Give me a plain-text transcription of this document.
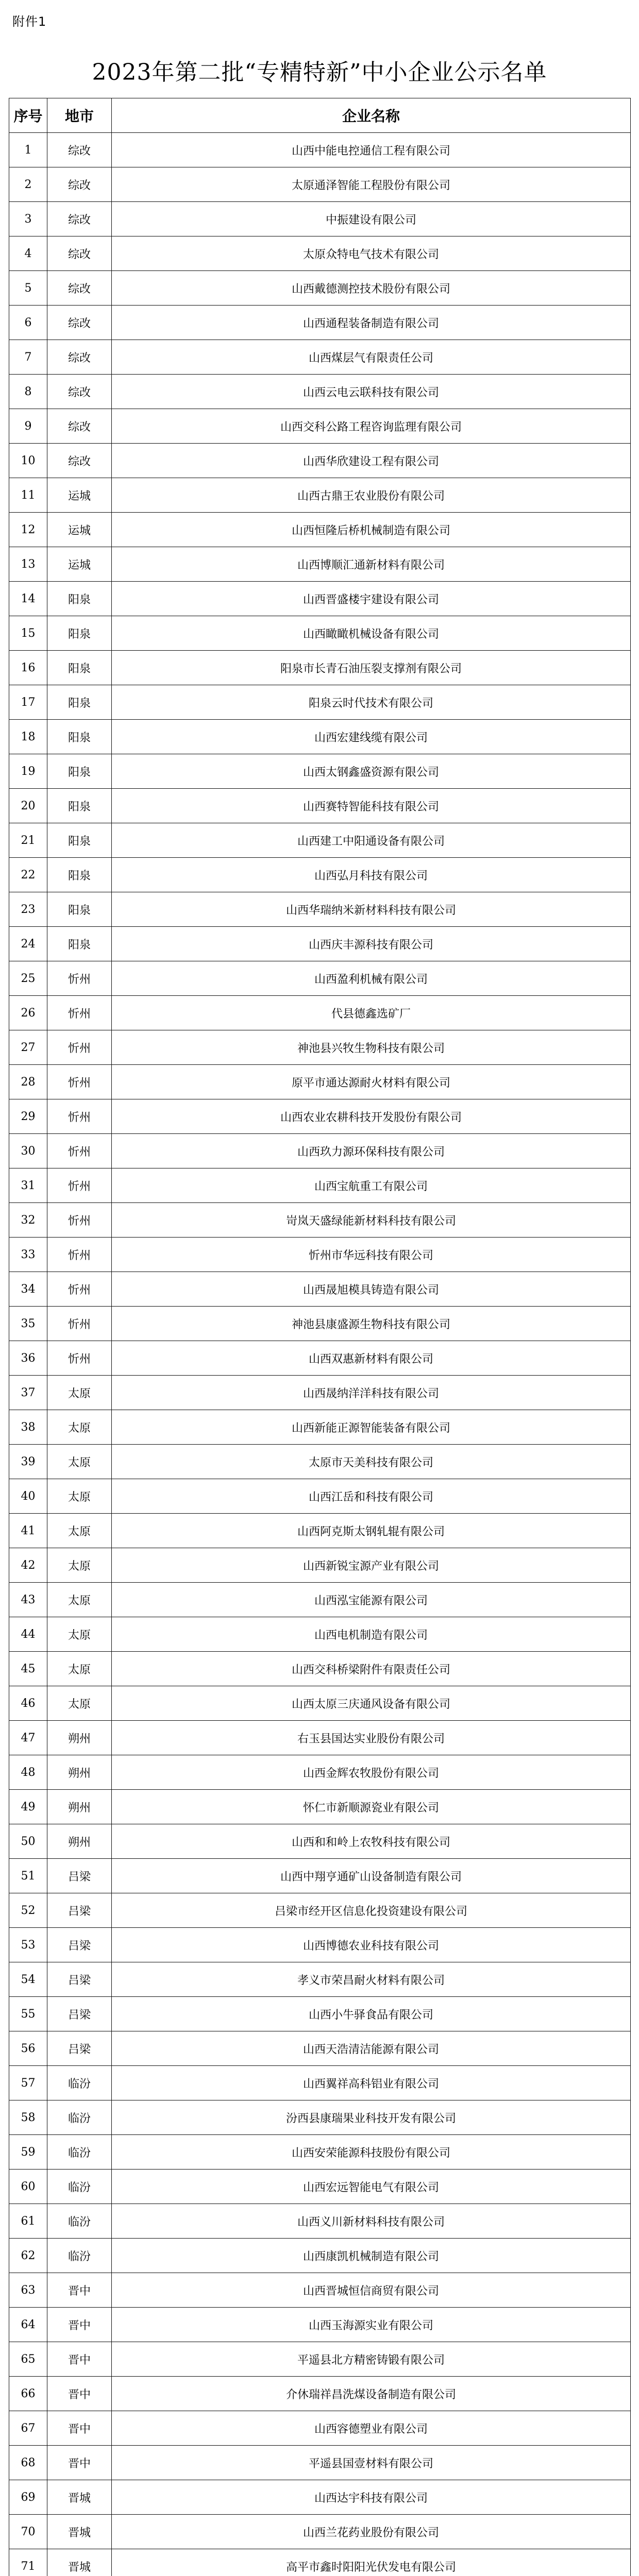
附件1
2023年第二批“专精特新”中小企业公示名单
序号	地市	企业名称
1	综改	山西中能电控通信工程有限公司
2	综改	太原通泽智能工程股份有限公司
3	综改	中振建设有限公司
4	综改	太原众特电气技术有限公司
5	综改	山西戴德测控技术股份有限公司
6	综改	山西通程装备制造有限公司
7	综改	山西煤层气有限责任公司
8	综改	山西云电云联科技有限公司
9	综改	山西交科公路工程咨询监理有限公司
10	综改	山西华欣建设工程有限公司
11	运城	山西古鼎王农业股份有限公司
12	运城	山西恒隆后桥机械制造有限公司
13	运城	山西博顺汇通新材料有限公司
14	阳泉	山西晋盛楼宇建设有限公司
15	阳泉	山西瞰瞰机械设备有限公司
16	阳泉	阳泉市长青石油压裂支撑剂有限公司
17	阳泉	阳泉云时代技术有限公司
18	阳泉	山西宏建线缆有限公司
19	阳泉	山西太钢鑫盛资源有限公司
20	阳泉	山西赛特智能科技有限公司
21	阳泉	山西建工中阳通设备有限公司
22	阳泉	山西弘月科技有限公司
23	阳泉	山西华瑞纳米新材料科技有限公司
24	阳泉	山西庆丰源科技有限公司
25	忻州	山西盈利机械有限公司
26	忻州	代县德鑫选矿厂
27	忻州	神池县兴牧生物科技有限公司
28	忻州	原平市通达源耐火材料有限公司
29	忻州	山西农业农耕科技开发股份有限公司
30	忻州	山西玖力源环保科技有限公司
31	忻州	山西宝航重工有限公司
32	忻州	岢岚天盛绿能新材料科技有限公司
33	忻州	忻州市华远科技有限公司
34	忻州	山西晟旭模具铸造有限公司
35	忻州	神池县康盛源生物科技有限公司
36	忻州	山西双惠新材料有限公司
37	太原	山西晟纳洋洋科技有限公司
38	太原	山西新能正源智能装备有限公司
39	太原	太原市天美科技有限公司
40	太原	山西江岳和科技有限公司
41	太原	山西阿克斯太钢轧辊有限公司
42	太原	山西新锐宝源产业有限公司
43	太原	山西泓宝能源有限公司
44	太原	山西电机制造有限公司
45	太原	山西交科桥梁附件有限责任公司
46	太原	山西太原三庆通风设备有限公司
47	朔州	右玉县国达实业股份有限公司
48	朔州	山西金辉农牧股份有限公司
49	朔州	怀仁市新顺源瓷业有限公司
50	朔州	山西和和岭上农牧科技有限公司
51	吕梁	山西中翔亨通矿山设备制造有限公司
52	吕梁	吕梁市经开区信息化投资建设有限公司
53	吕梁	山西博德农业科技有限公司
54	吕梁	孝义市荣昌耐火材料有限公司
55	吕梁	山西小牛驿食品有限公司
56	吕梁	山西天浩清洁能源有限公司
57	临汾	山西翼祥高科铝业有限公司
58	临汾	汾西县康瑞果业科技开发有限公司
59	临汾	山西安荣能源科技股份有限公司
60	临汾	山西宏远智能电气有限公司
61	临汾	山西义川新材料科技有限公司
62	临汾	山西康凯机械制造有限公司
63	晋中	山西晋城恒信商贸有限公司
64	晋中	山西玉海源实业有限公司
65	晋中	平遥县北方精密铸锻有限公司
66	晋中	介休瑞祥昌洗煤设备制造有限公司
67	晋中	山西容德塑业有限公司
68	晋中	平遥县国壹材料有限公司
69	晋城	山西达宇科技有限公司
70	晋城	山西兰花药业股份有限公司
71	晋城	高平市鑫时阳阳光伏发电有限公司
